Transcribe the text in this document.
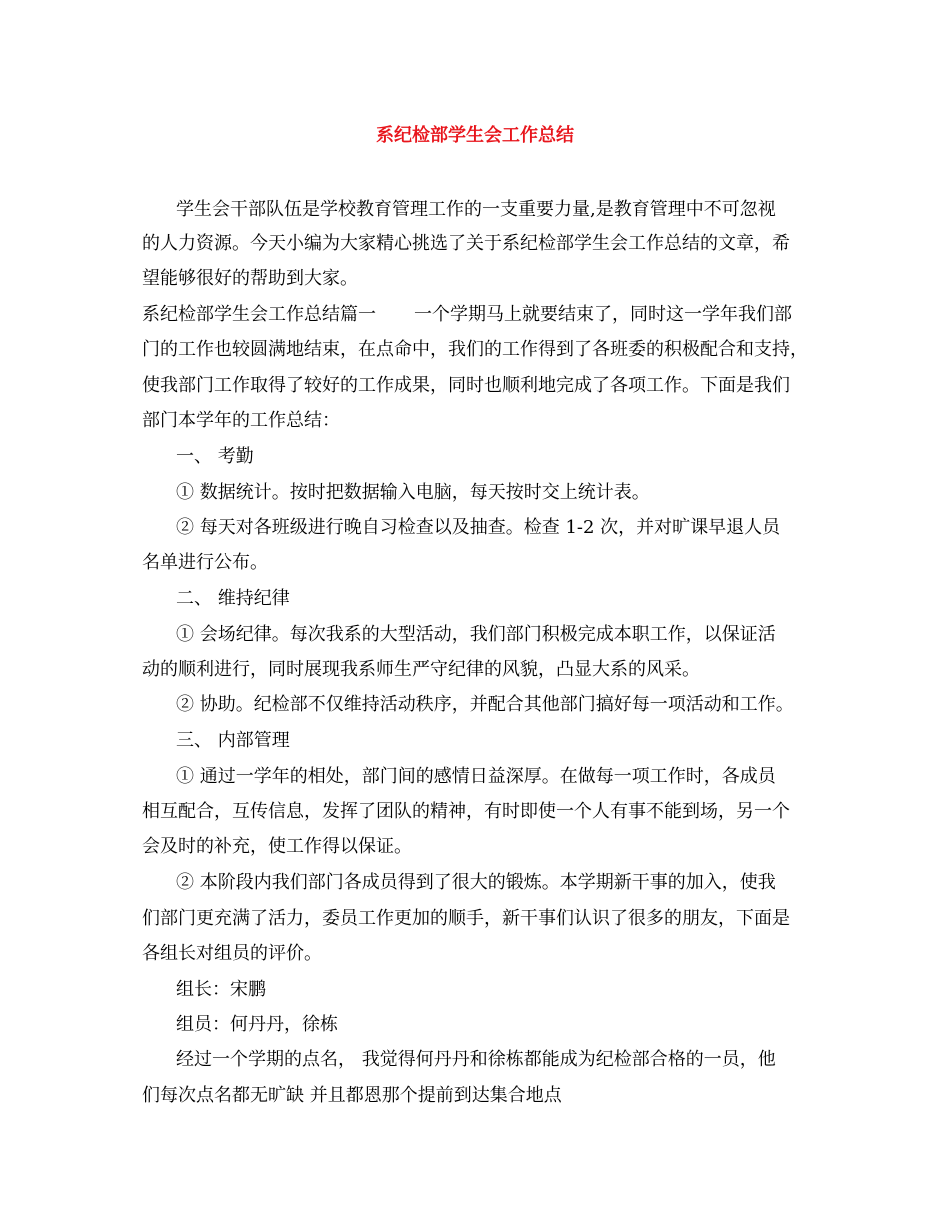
系纪检部学生会工作总结
学生会干部队伍是学校教育管理工作的一支重要力量,是教育管理中不可忽视
的人力资源。今天小编为大家精心挑选了关于系纪检部学生会工作总结的文章，希
望能够很好的帮助到大家。
系纪检部学生会工作总结篇一 一个学期马上就要结束了，同时这一学年我们部
门的工作也较圆满地结束，在点命中，我们的工作得到了各班委的积极配合和支持，
使我部门工作取得了较好的工作成果，同时也顺利地完成了各项工作。下面是我们
部门本学年的工作总结：
一、 考勤
① 数据统计。按时把数据输入电脑，每天按时交上统计表。
② 每天对各班级进行晚自习检查以及抽查。检查 1-2 次，并对旷课早退人员
名单进行公布。
二、 维持纪律
① 会场纪律。每次我系的大型活动，我们部门积极完成本职工作，以保证活
动的顺利进行，同时展现我系师生严守纪律的风貌，凸显大系的风采。
② 协助。纪检部不仅维持活动秩序，并配合其他部门搞好每一项活动和工作。
三、 内部管理
① 通过一学年的相处，部门间的感情日益深厚。在做每一项工作时，各成员
相互配合，互传信息，发挥了团队的精神，有时即使一个人有事不能到场，另一个
会及时的补充，使工作得以保证。
② 本阶段内我们部门各成员得到了很大的锻炼。本学期新干事的加入，使我
们部门更充满了活力，委员工作更加的顺手，新干事们认识了很多的朋友，下面是
各组长对组员的评价。
组长：宋鹏
组员：何丹丹，徐栋
经过一个学期的点名， 我觉得何丹丹和徐栋都能成为纪检部合格的一员，他
们每次点名都无旷缺 并且都恩那个提前到达集合地点
